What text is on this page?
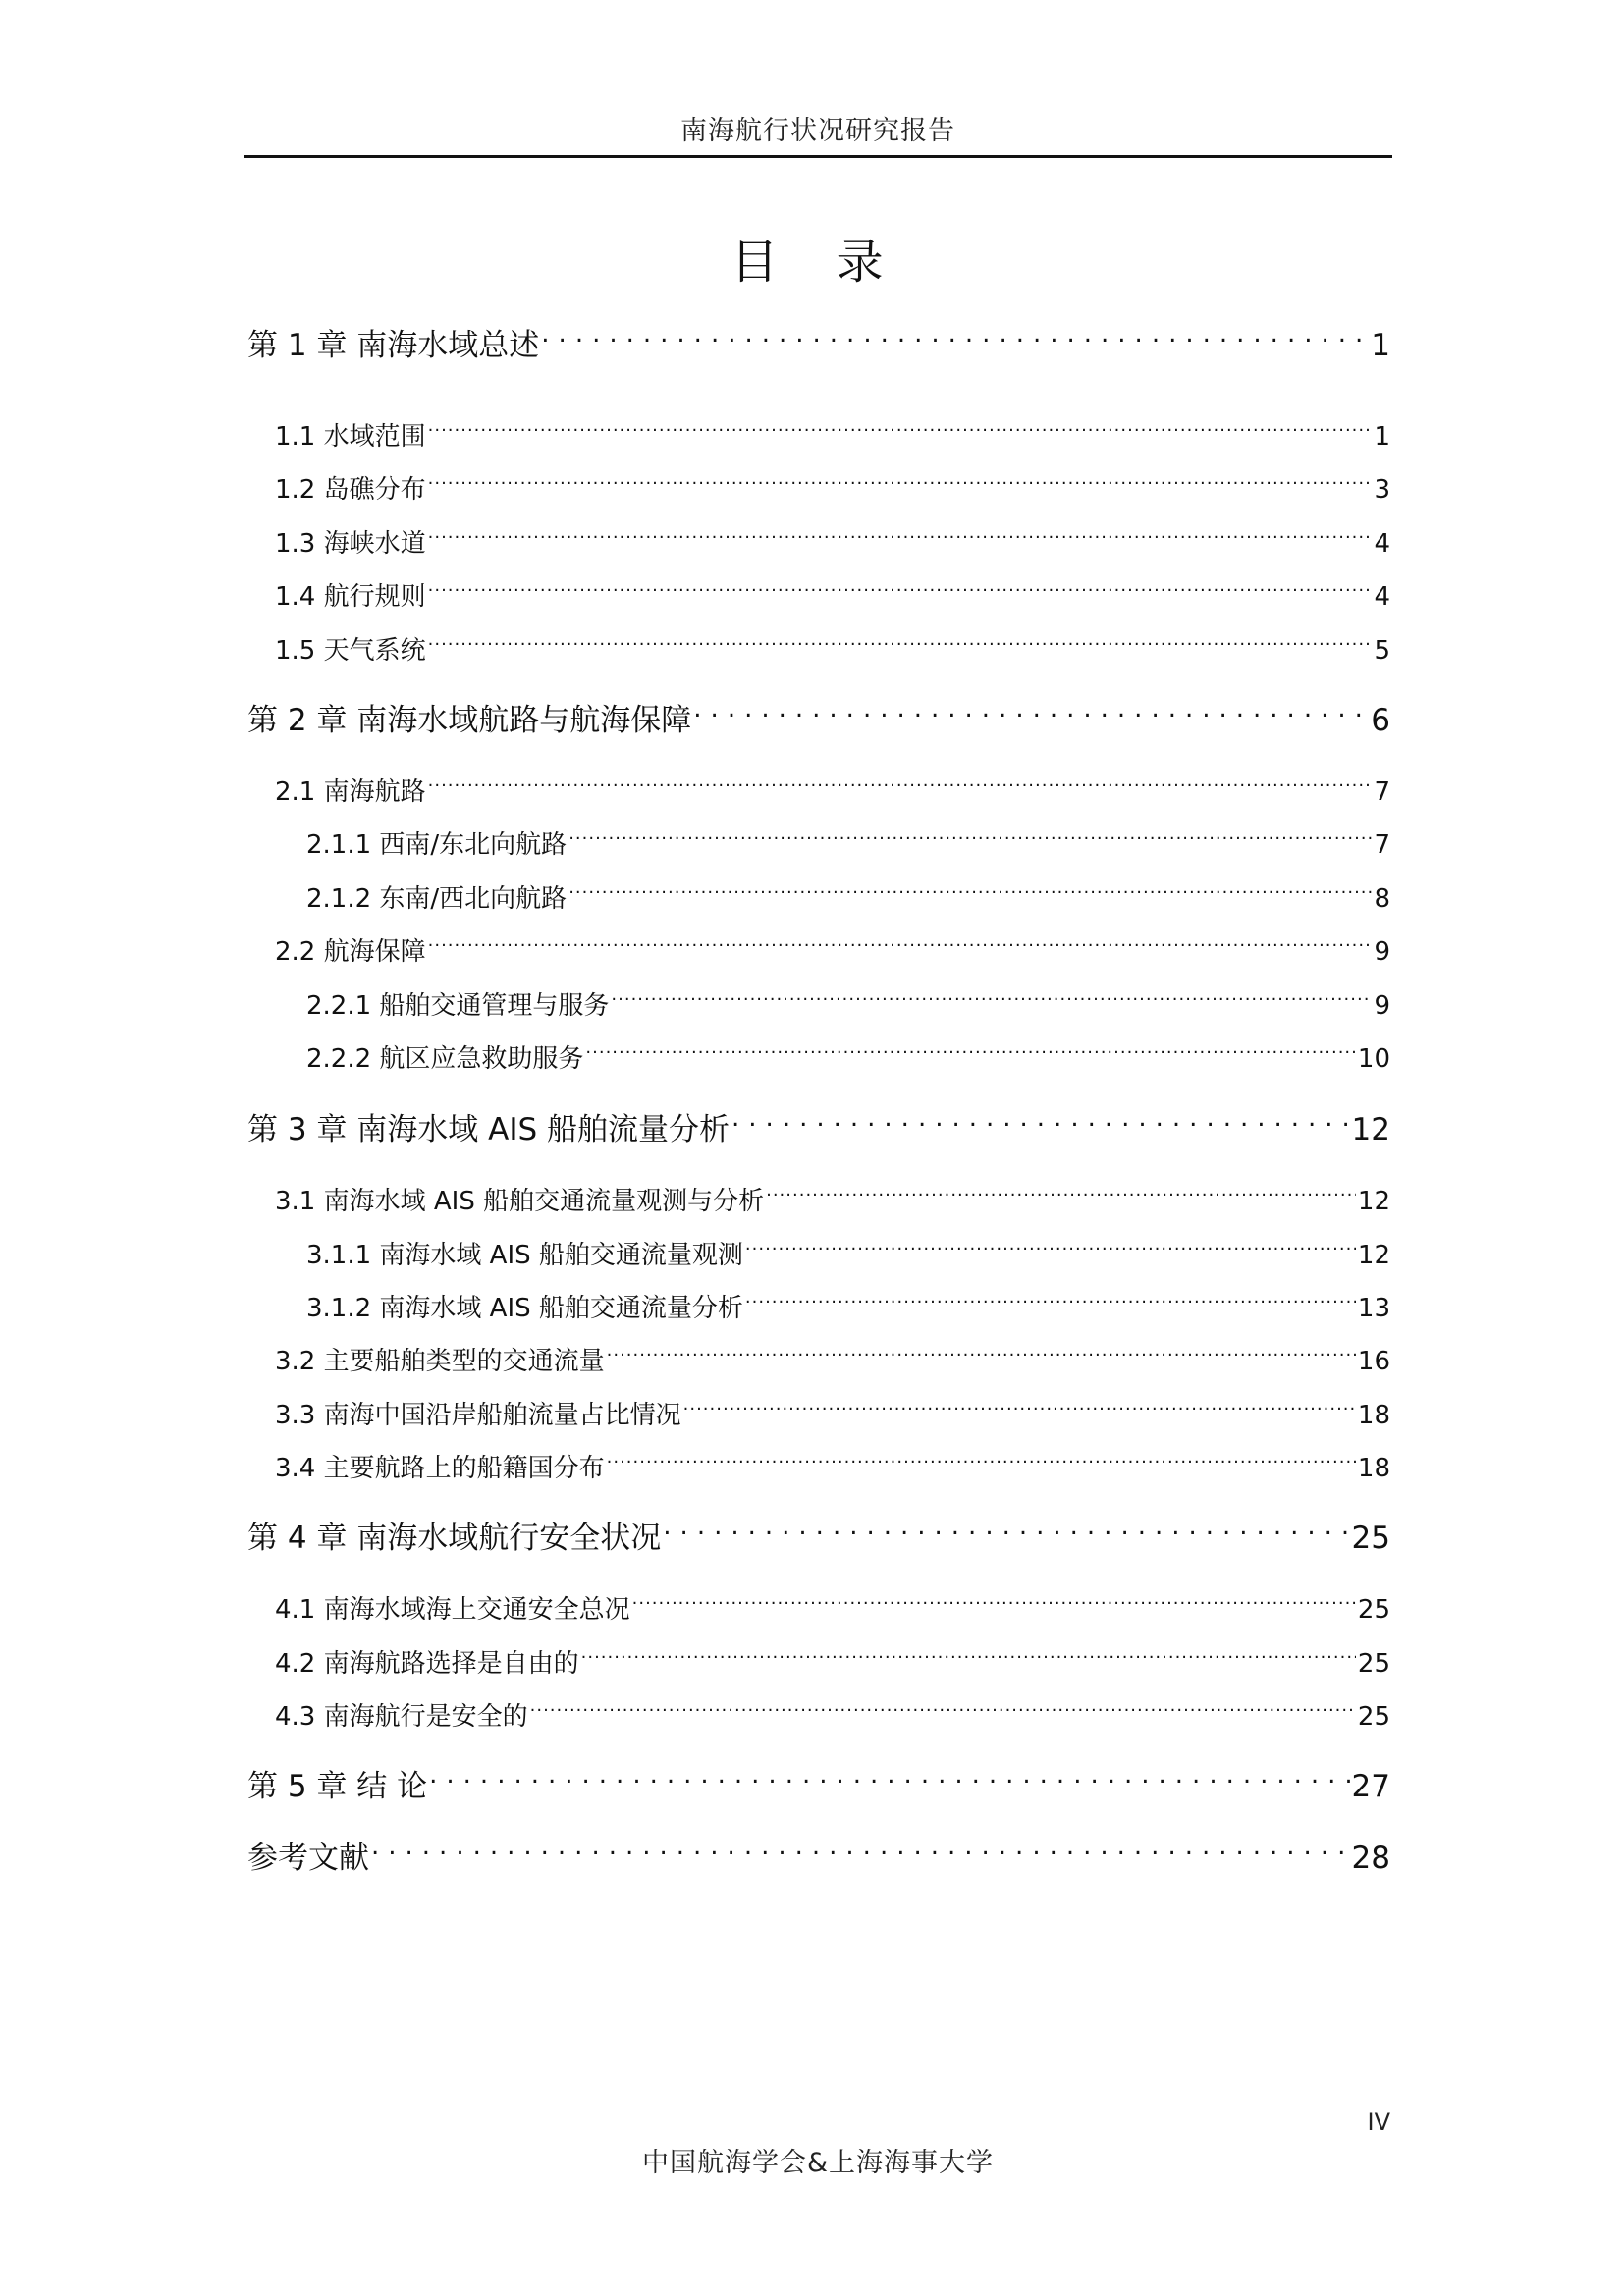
南海航行状况研究报告
目 录
第 1 章 南海水域总述 .....	1
1.1 水域范围 .....	1
1.2 岛礁分布 .....	3
1.3 海峡水道 .....	4
1.4 航行规则 .....	4
1.5 天气系统 .....	5
第 2 章 南海水域航路与航海保障 .....	6
2.1 南海航路 .....	7
2.1.1 西南/东北向航路 .....	7
2.1.2 东南/西北向航路 .....	8
2.2 航海保障 .....	9
2.2.1 船舶交通管理与服务 .....	9
2.2.2 航区应急救助服务 .....	10
第 3 章 南海水域 AIS 船舶流量分析 .....	12
3.1 南海水域 AIS 船舶交通流量观测与分析 .....	12
3.1.1 南海水域 AIS 船舶交通流量观测 .....	12
3.1.2 南海水域 AIS 船舶交通流量分析 .....	13
3.2 主要船舶类型的交通流量 .....	16
3.3 南海中国沿岸船舶流量占比情况 .....	18
3.4 主要航路上的船籍国分布 .....	18
第 4 章 南海水域航行安全状况 .....	25
4.1 南海水域海上交通安全总况 .....	25
4.2 南海航路选择是自由的 .....	25
4.3 南海航行是安全的 .....	25
第 5 章 结 论 .....	27
参考文献 .....	28
IV
中国航海学会&上海海事大学
